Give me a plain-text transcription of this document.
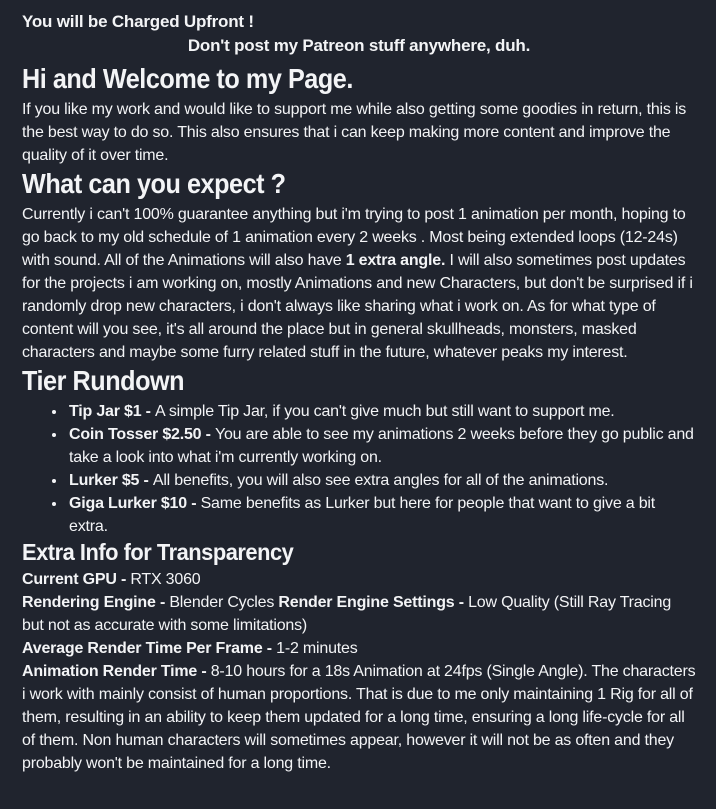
You will be Charged Upfront !

Don't post my Patreon stuff anywhere, duh.

Hi and Welcome to my Page.

If you like my work and would like to support me while also getting some goodies in return, this is the best way to do so. This also ensures that i can keep making more content and improve the quality of it over time.

What can you expect ?

Currently i can't 100% guarantee anything but i'm trying to post 1 animation per month, hoping to go back to my old schedule of 1 animation every 2 weeks . Most being extended loops (12-24s) with sound. All of the Animations will also have 1 extra angle. I will also sometimes post updates for the projects i am working on, mostly Animations and new Characters, but don't be surprised if i randomly drop new characters, i don't always like sharing what i work on. As for what type of content will you see, it's all around the place but in general skullheads, monsters, masked characters and maybe some furry related stuff in the future, whatever peaks my interest.

Tier Rundown
• Tip Jar $1 - A simple Tip Jar, if you can't give much but still want to support me.
• Coin Tosser $2.50 - You are able to see my animations 2 weeks before they go public and take a look into what i'm currently working on.
• Lurker $5 - All benefits, you will also see extra angles for all of the animations.
• Giga Lurker $10 - Same benefits as Lurker but here for people that want to give a bit extra.
Extra Info for Transparency

Current GPU - RTX 3060

Rendering Engine - Blender Cycles Render Engine Settings - Low Quality (Still Ray Tracing but not as accurate with some limitations)

Average Render Time Per Frame - 1-2 minutes

Animation Render Time - 8-10 hours for a 18s Animation at 24fps (Single Angle). The characters i work with mainly consist of human proportions. That is due to me only maintaining 1 Rig for all of them, resulting in an ability to keep them updated for a long time, ensuring a long life-cycle for all of them. Non human characters will sometimes appear, however it will not be as often and they probably won't be maintained for a long time.
